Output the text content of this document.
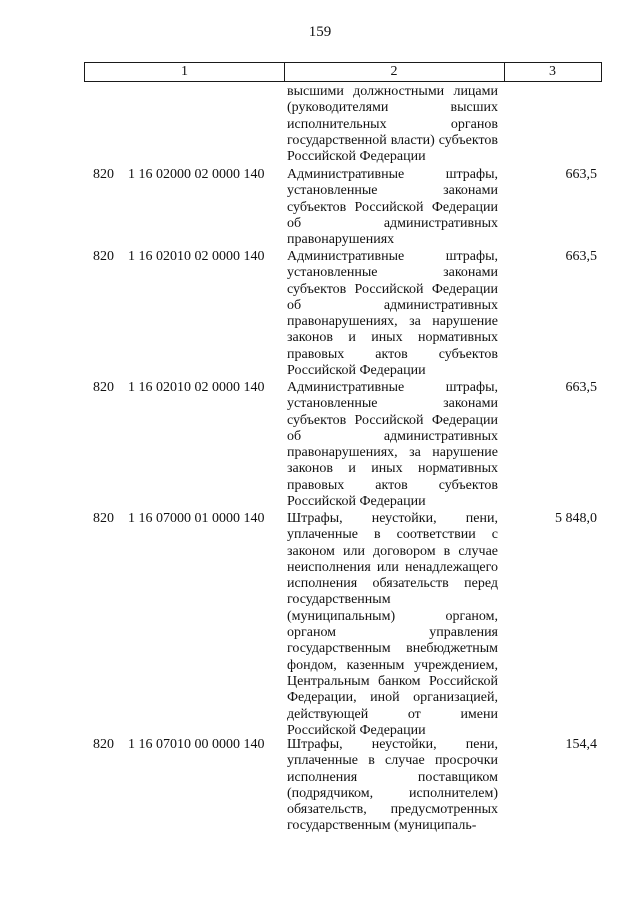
159
1	2	3
высшими должностными лицами (руководителями высших исполнительных органов государственной власти) субъектов Российской Федерации
820 1 16 02000 02 0000 140 Административные штрафы, установленные законами субъектов Российской Федерации об административных правонарушениях
663,5
820 1 16 02010 02 0000 140 Административные штрафы, установленные законами субъектов Российской Федерации об административных правонарушениях, за нарушение законов и иных нормативных правовых актов субъектов Российской Федерации
663,5
820 1 16 02010 02 0000 140 Административные штрафы, установленные законами субъектов Российской Федерации об административных правонарушениях, за нарушение законов и иных нормативных правовых актов субъектов Российской Федерации
663,5
820 1 16 07000 01 0000 140 Штрафы, неустойки, пени, уплаченные в соответствии с законом или договором в случае неисполнения или ненадлежащего исполнения обязательств перед государственным (муниципальным) органом, органом управления государственным внебюджетным фондом, казенным учреждением, Центральным банком Российской Федерации, иной организацией, действующей от имени Российской Федерации
5 848,0
820 1 16 07010 00 0000 140 Штрафы, неустойки, пени, уплаченные в случае просрочки исполнения поставщиком (подрядчиком, исполнителем) обязательств, предусмотренных государственным (муниципаль-
154,4
